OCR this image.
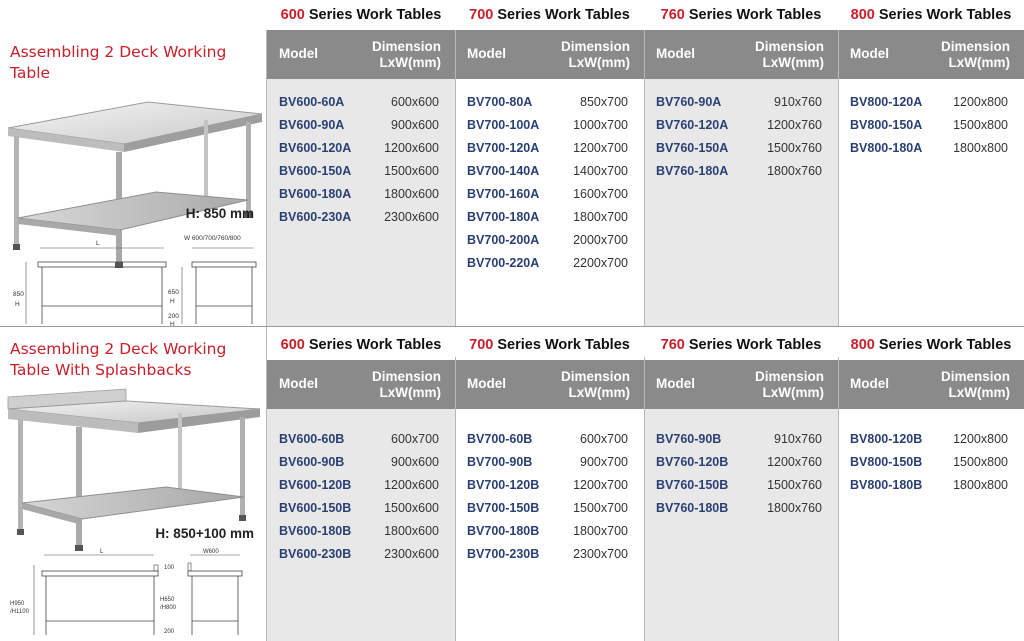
Assembling 2 Deck Working Table
H: 850 mm
L
850
H
W 600/700/760/800
650
H
200
H
600 Series Work Tables
Model	Dimension
LxW(mm)
BV600-60A	600x600
BV600-90A	900x600
BV600-120A	1200x600
BV600-150A	1500x600
BV600-180A	1800x600
BV600-230A	2300x600
700 Series Work Tables
Model	Dimension
LxW(mm)
BV700-80A	850x700
BV700-100A	1000x700
BV700-120A	1200x700
BV700-140A	1400x700
BV700-160A	1600x700
BV700-180A	1800x700
BV700-200A	2000x700
BV700-220A	2200x700
760 Series Work Tables
Model	Dimension
LxW(mm)
BV760-90A	910x760
BV760-120A	1200x760
BV760-150A	1500x760
BV760-180A	1800x760
800 Series Work Tables
Model	Dimension
LxW(mm)
BV800-120A 1200x800
BV800-150A 1500x800
BV800-180A 1800x800
Assembling 2 Deck Working Table With Splashbacks
H: 850+100 mm
L
H950
/H1100
W600
100
H650
/H800
200
600 Series Work Tables
Model	Dimension
LxW(mm)
BV600-60B	600x700
BV600-90B	900x600
BV600-120B	1200x600
BV600-150B	1500x600
BV600-180B	1800x600
BV600-230B	2300x600
700 Series Work Tables
Model	Dimension
LxW(mm)
BV700-60B	600x700
BV700-90B	900x700
BV700-120B	1200x700
BV700-150B	1500x700
BV700-180B	1800x700
BV700-230B	2300x700
760 Series Work Tables
Model	Dimension
LxW(mm)
BV760-90B	910x760
BV760-120B	1200x760
BV760-150B	1500x760
BV760-180B	1800x760
800 Series Work Tables
Model	Dimension
LxW(mm)
BV800-120B 1200x800
BV800-150B 1500x800
BV800-180B 1800x800
